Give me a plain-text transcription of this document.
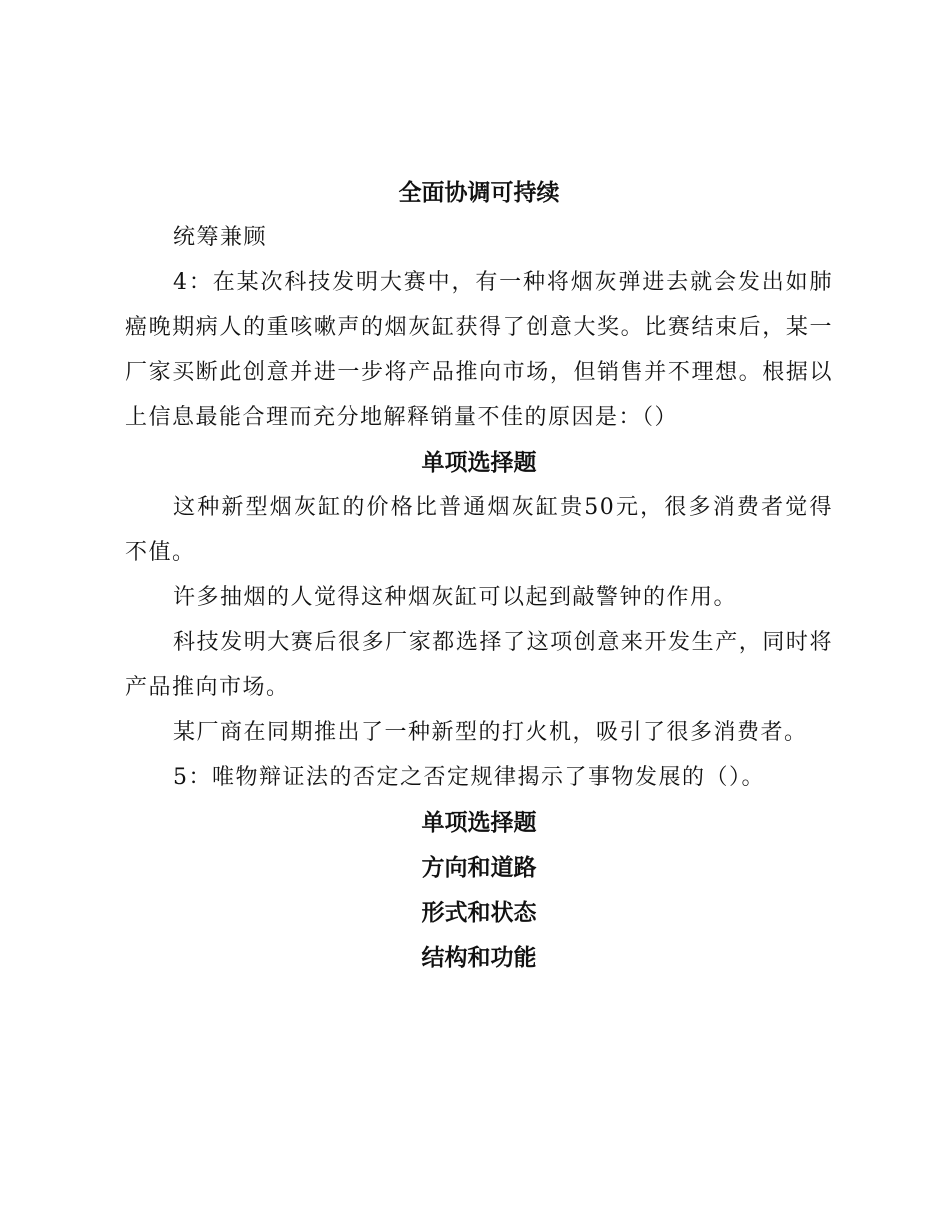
全面协调可持续

统筹兼顾

4：在某次科技发明大赛中，有一种将烟灰弹进去就会发出如肺癌晚期病人的重咳嗽声的烟灰缸获得了创意大奖。比赛结束后，某一厂家买断此创意并进一步将产品推向市场，但销售并不理想。根据以上信息最能合理而充分地解释销量不佳的原因是：（）

单项选择题

这种新型烟灰缸的价格比普通烟灰缸贵50元，很多消费者觉得不值。

许多抽烟的人觉得这种烟灰缸可以起到敲警钟的作用。

科技发明大赛后很多厂家都选择了这项创意来开发生产，同时将产品推向市场。

某厂商在同期推出了一种新型的打火机，吸引了很多消费者。

5：唯物辩证法的否定之否定规律揭示了事物发展的（）。

单项选择题

方向和道路

形式和状态

结构和功能
